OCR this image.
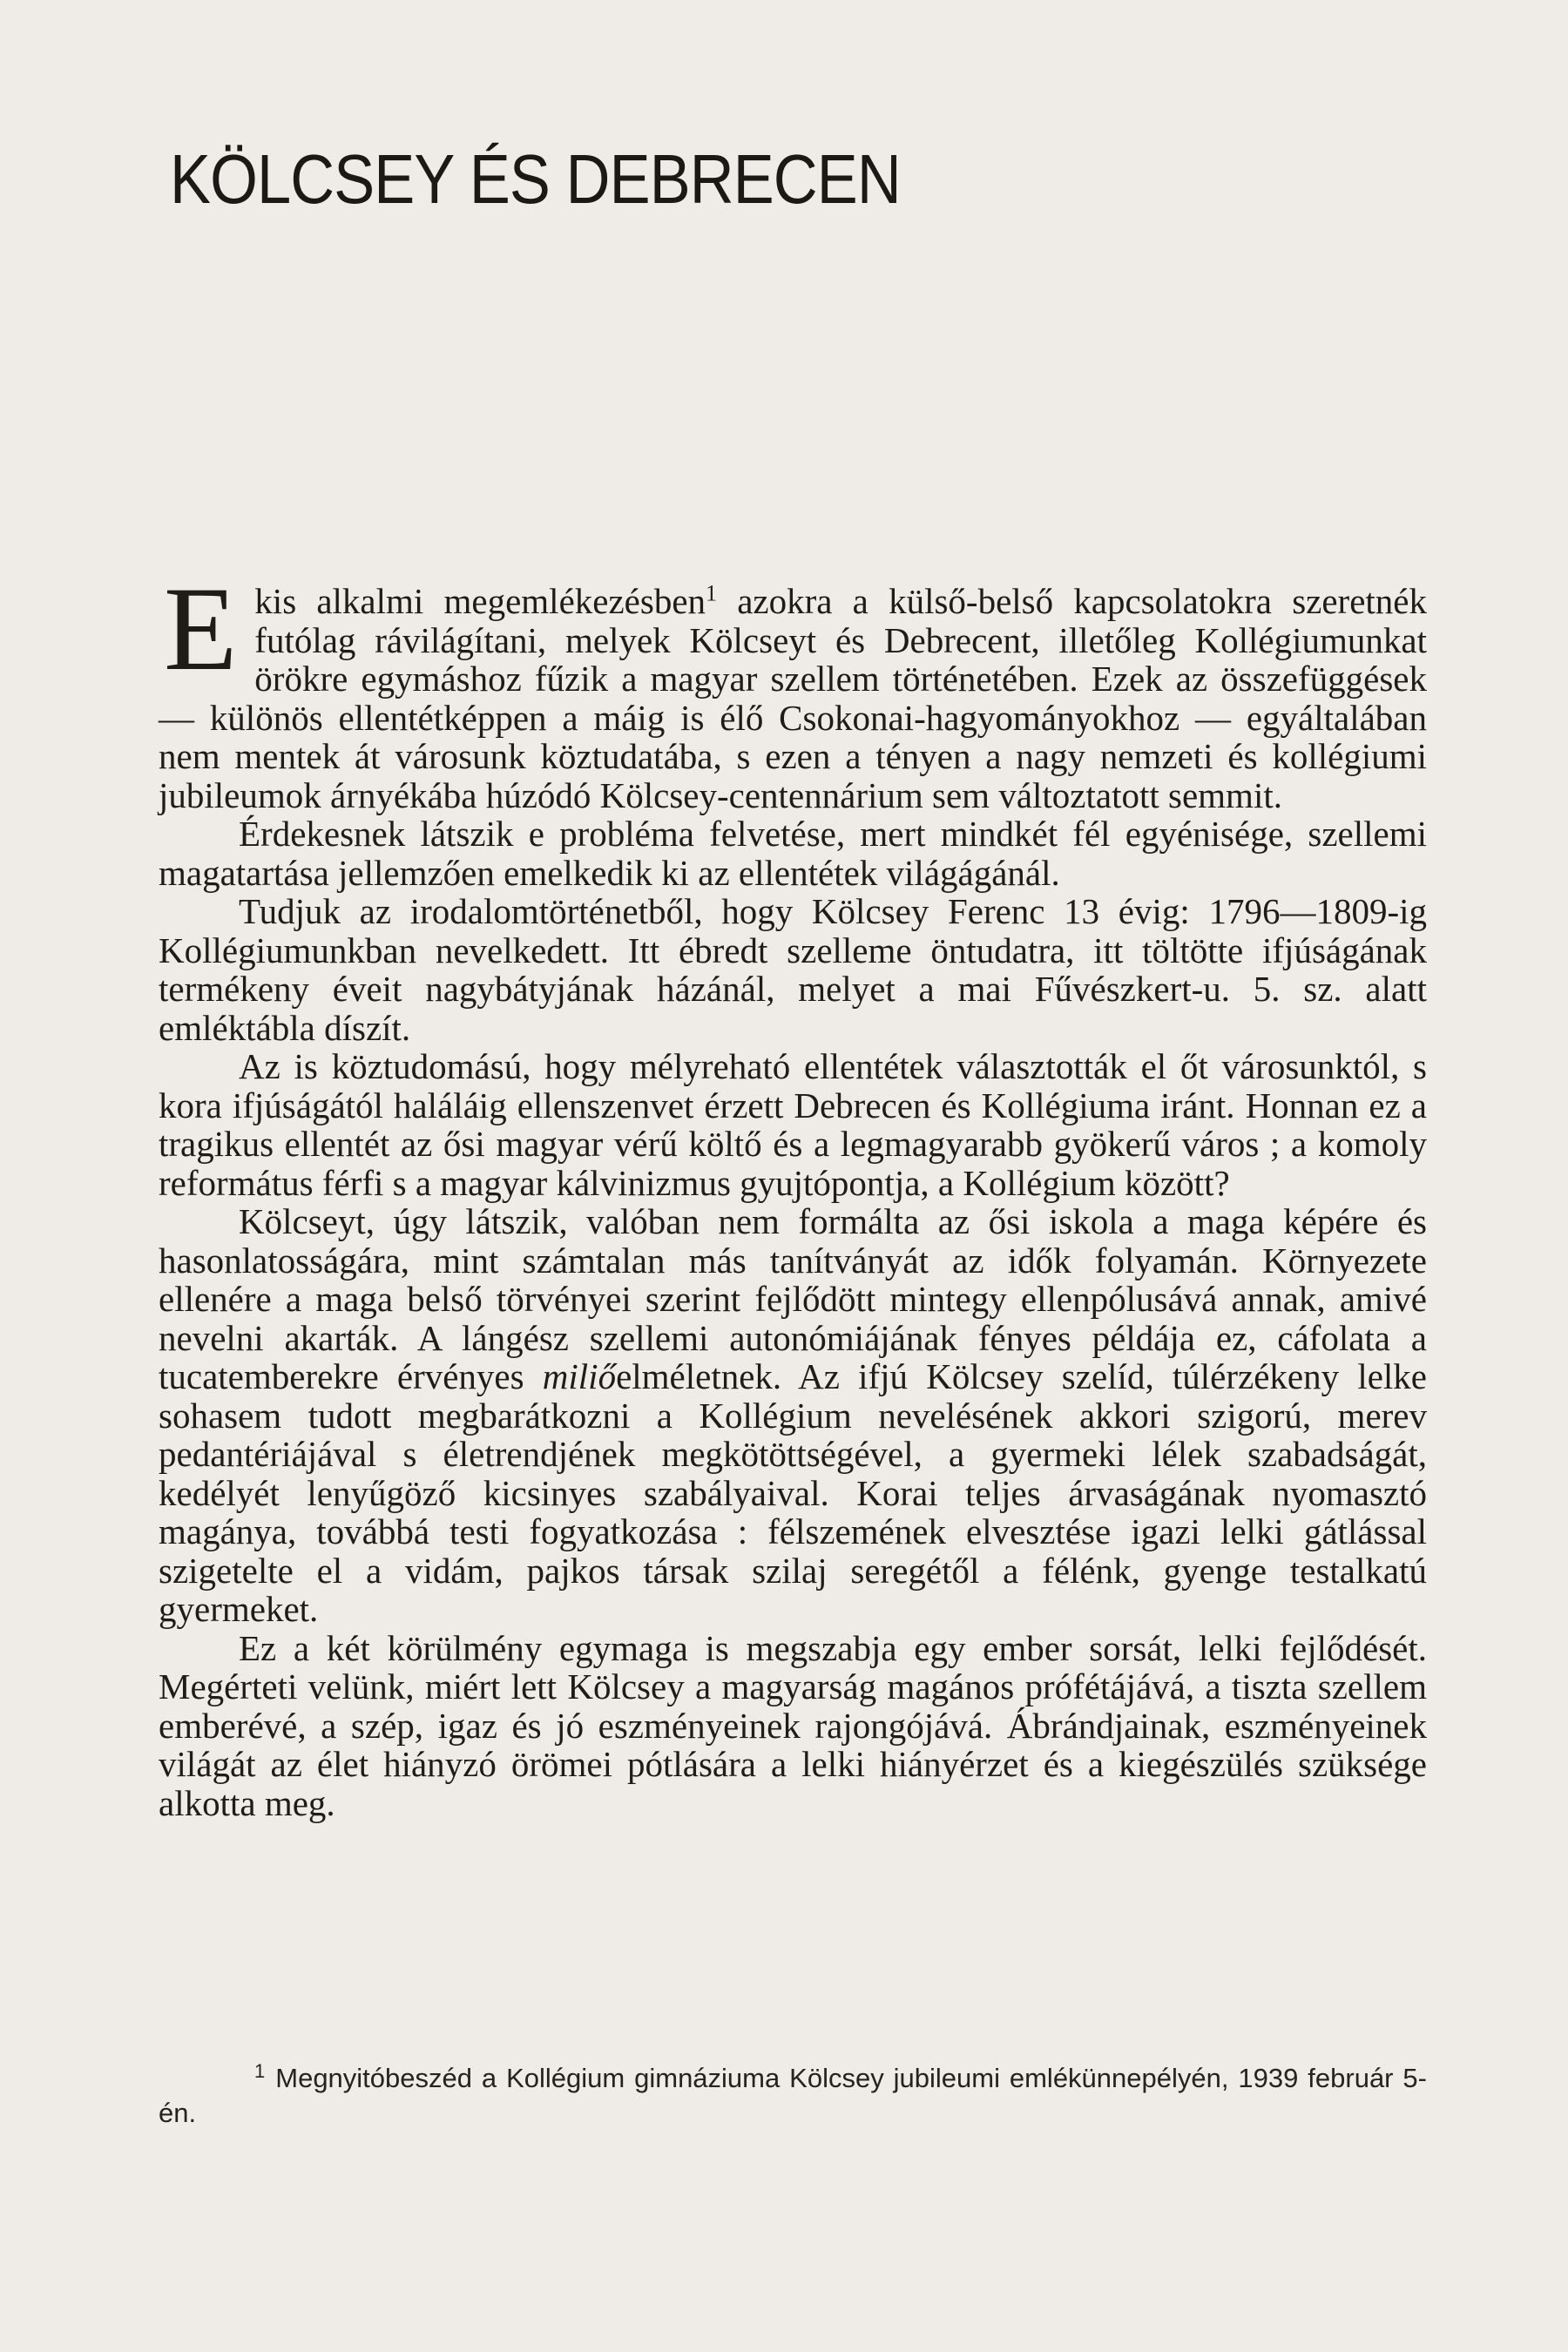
KÖLCSEY ÉS DEBRECEN

Ekis alkalmi megemlékezésben$^1$ azokra a külső-belső kapcsolatokra szeretnék futólag rávilágítani, melyek Kölcseyt és Debrecent, illetőleg Kollégiumunkat örökre egymáshoz fűzik a magyar szellem történetében. Ezek az összefüggések — különös ellentétképpen a máig is élő Csokonai-hagyományokhoz — egyáltalában nem mentek át városunk köztudatába, s ezen a tényen a nagy nemzeti és kollégiumi jubileumok árnyékába húzódó Kölcsey-centennárium sem változtatott semmit.

Érdekesnek látszik e probléma felvetése, mert mindkét fél egyénisége, szellemi magatartása jellemzően emelkedik ki az ellentétek világágánál.

Tudjuk az irodalomtörténetből, hogy Kölcsey Ferenc 13 évig: 1796—1809-ig Kollégiumunkban nevelkedett. Itt ébredt szelleme öntudatra, itt töltötte ifjúságának termékeny éveit nagybátyjának házánál, melyet a mai Fűvészkert-u. 5. sz. alatt emléktábla díszít.

Az is köztudomású, hogy mélyreható ellentétek választották el őt városunktól, s kora ifjúságától haláláig ellenszenvet érzett Debrecen és Kollégiuma iránt. Honnan ez a tragikus ellentét az ősi magyar vérű költő és a legmagyarabb gyökerű város ; a komoly református férfi s a magyar kálvinizmus gyujtópontja, a Kollégium között?

Kölcseyt, úgy látszik, valóban nem formálta az ősi iskola a maga képére és hasonlatosságára, mint számtalan más tanítványát az idők folyamán. Környezete ellenére a maga belső törvényei szerint fejlődött mintegy ellenpólusává annak, amivé nevelni akarták. A lángész szellemi autonómiájának fényes példája ez, cáfolata a tucatemberekre érvényes miliőelméletnek. Az ifjú Kölcsey szelíd, túlérzékeny lelke sohasem tudott megbarátkozni a Kollégium nevelésének akkori szigorú, merev pedantériájával s életrendjének megkötöttségével, a gyermeki lélek szabadságát, kedélyét lenyűgöző kicsinyes szabályaival. Korai teljes árvaságának nyomasztó magánya, továbbá testi fogyatkozása : félszemének elvesztése igazi lelki gátlással szigetelte el a vidám, pajkos társak szilaj seregétől a félénk, gyenge testalkatú gyermeket.

Ez a két körülmény egymaga is megszabja egy ember sorsát, lelki fejlődését. Megérteti velünk, miért lett Kölcsey a magyarság magános prófétájává, a tiszta szellem emberévé, a szép, igaz és jó eszményeinek rajongójává. Ábrándjainak, eszményeinek világát az élet hiányzó örömei pótlására a lelki hiányérzet és a kiegészülés szüksége alkotta meg.

$^1$ Megnyitóbeszéd a Kollégium gimnáziuma Kölcsey jubileumi emlékünnepélyén, 1939 február 5-én.
